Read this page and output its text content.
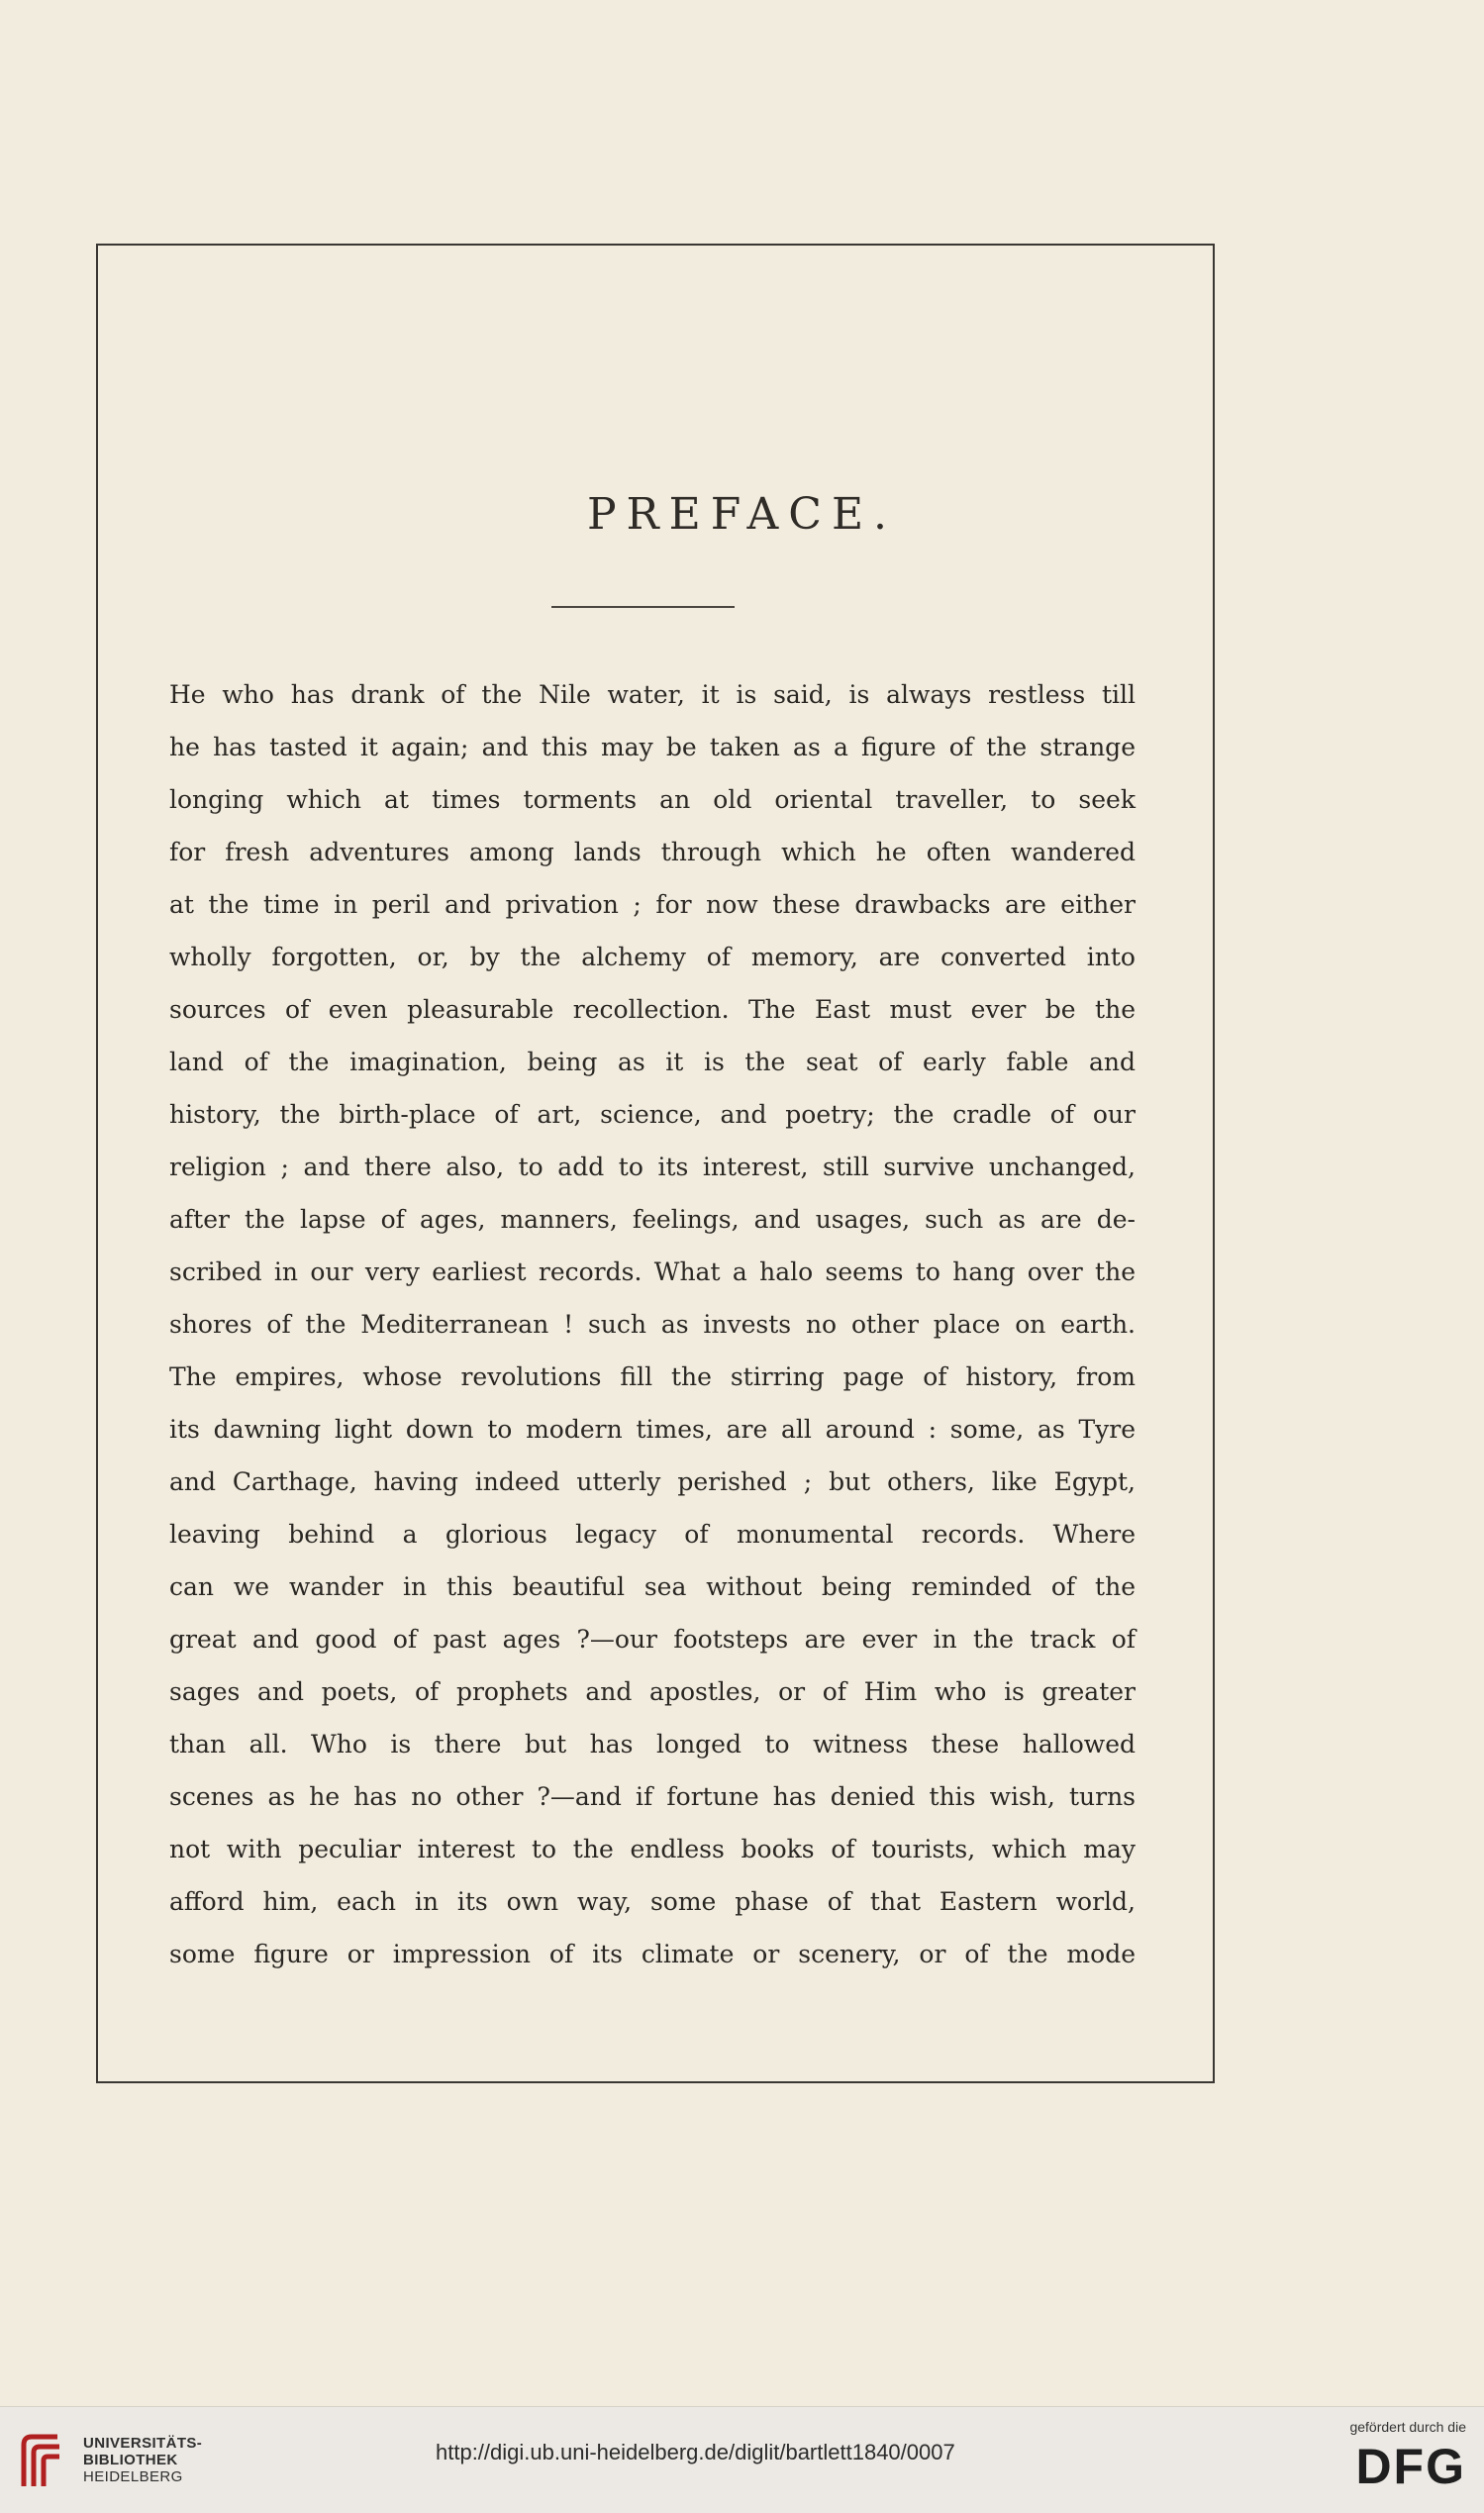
PREFACE.
He who has drank of the Nile water, it is said, is always restless till
he has tasted it again; and this may be taken as a figure of the strange
longing which at times torments an old oriental traveller, to seek
for fresh adventures among lands through which he often wandered
at the time in peril and privation ; for now these drawbacks are either
wholly forgotten, or, by the alchemy of memory, are converted into
sources of even pleasurable recollection. The East must ever be the
land of the imagination, being as it is the seat of early fable and
history, the birth-place of art, science, and poetry; the cradle of our
religion ; and there also, to add to its interest, still survive unchanged,
after the lapse of ages, manners, feelings, and usages, such as are de-
scribed in our very earliest records. What a halo seems to hang over the
shores of the Mediterranean ! such as invests no other place on earth.
The empires, whose revolutions fill the stirring page of history, from
its dawning light down to modern times, are all around : some, as Tyre
and Carthage, having indeed utterly perished ; but others, like Egypt,
leaving behind a glorious legacy of monumental records. Where
can we wander in this beautiful sea without being reminded of the
great and good of past ages ?—our footsteps are ever in the track of
sages and poets, of prophets and apostles, or of Him who is greater
than all. Who is there but has longed to witness these hallowed
scenes as he has no other ?—and if fortune has denied this wish, turns
not with peculiar interest to the endless books of tourists, which may
afford him, each in its own way, some phase of that Eastern world,
some figure or impression of its climate or scenery, or of the mode
UNIVERSITÄTS-
BIBLIOTHEK
HEIDELBERG
http://digi.ub.uni-heidelberg.de/diglit/bartlett1840/0007
gefördert durch die
DFG
